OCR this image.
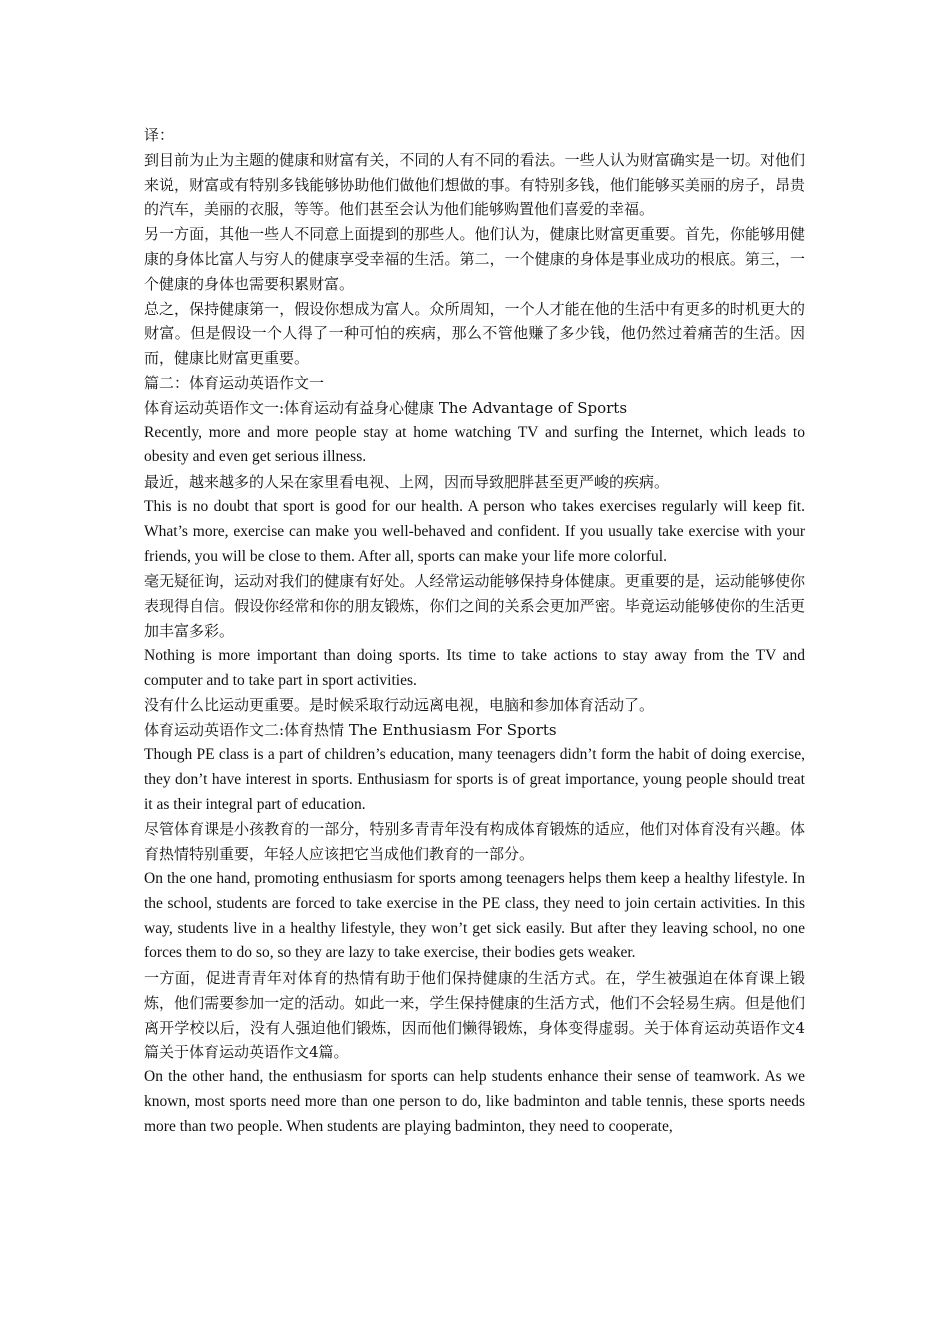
译：

到目前为止为主题的健康和财富有关，不同的人有不同的看法。一些人认为财富确实是一切。对他们来说，财富或有特别多钱能够协助他们做他们想做的事。有特别多钱，他们能够买美丽的房子，昂贵的汽车，美丽的衣服，等等。他们甚至会认为他们能够购置他们喜爱的幸福。

另一方面，其他一些人不同意上面提到的那些人。他们认为，健康比财富更重要。首先，你能够用健康的身体比富人与穷人的健康享受幸福的生活。第二，一个健康的身体是事业成功的根底。第三，一个健康的身体也需要积累财富。

总之，保持健康第一，假设你想成为富人。众所周知，一个人才能在他的生活中有更多的时机更大的财富。但是假设一个人得了一种可怕的疾病，那么不管他赚了多少钱，他仍然过着痛苦的生活。因而，健康比财富更重要。

篇二：体育运动英语作文一

体育运动英语作文一:体育运动有益身心健康 The Advantage of Sports

Recently, more and more people stay at home watching TV and surfing the Internet, which leads to obesity and even get serious illness.

最近，越来越多的人呆在家里看电视、上网，因而导致肥胖甚至更严峻的疾病。

This is no doubt that sport is good for our health. A person who takes exercises regularly will keep fit. What’s more, exercise can make you well-behaved and confident. If you usually take exercise with your friends, you will be close to them. After all, sports can make your life more colorful.

毫无疑征询，运动对我们的健康有好处。人经常运动能够保持身体健康。更重要的是，运动能够使你表现得自信。假设你经常和你的朋友锻炼，你们之间的关系会更加严密。毕竟运动能够使你的生活更加丰富多彩。

Nothing is more important than doing sports. Its time to take actions to stay away from the TV and computer and to take part in sport activities.

没有什么比运动更重要。是时候采取行动远离电视，电脑和参加体育活动了。

体育运动英语作文二:体育热情 The Enthusiasm For Sports

Though PE class is a part of children’s education, many teenagers didn’t form the habit of doing exercise, they don’t have interest in sports. Enthusiasm for sports is of great importance, young people should treat it as their integral part of education.

尽管体育课是小孩教育的一部分，特别多青青年没有构成体育锻炼的适应，他们对体育没有兴趣。体育热情特别重要，年轻人应该把它当成他们教育的一部分。

On the one hand, promoting enthusiasm for sports among teenagers helps them keep a healthy lifestyle. In the school, students are forced to take exercise in the PE class, they need to join certain activities. In this way, students live in a healthy lifestyle, they won’t get sick easily. But after they leaving school, no one forces them to do so, so they are lazy to take exercise, their bodies gets weaker.

一方面，促进青青年对体育的热情有助于他们保持健康的生活方式。在，学生被强迫在体育课上锻炼，他们需要参加一定的活动。如此一来，学生保持健康的生活方式，他们不会轻易生病。但是他们离开学校以后，没有人强迫他们锻炼，因而他们懒得锻炼，身体变得虚弱。关于体育运动英语作文4篇关于体育运动英语作文4篇。

On the other hand, the enthusiasm for sports can help students enhance their sense of teamwork. As we known, most sports need more than one person to do, like badminton and table tennis, these sports needs more than two people. When students are playing badminton, they need to cooperate,
